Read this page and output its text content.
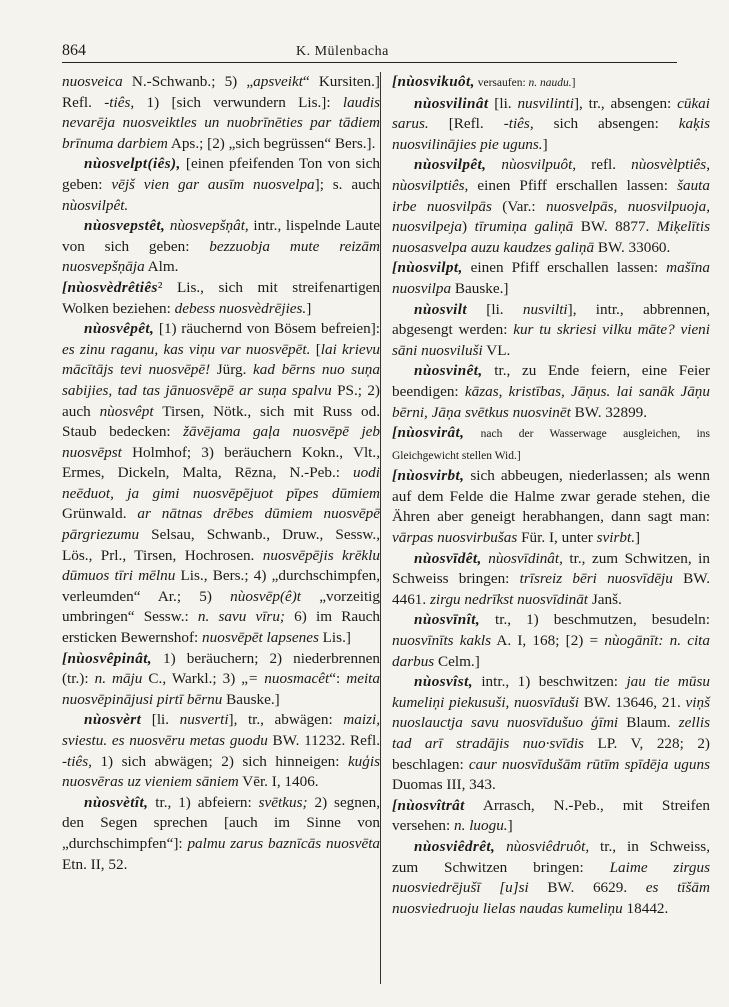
864	K. Mülenbacha

nuosveica N.-Schwanb.; 5) „apsveikt“ Kursiten.] Refl. -tiês, 1) [sich verwundern Lis.]: laudis nevarēja nuosveiktles un nuobrīnēties par tādiem brīnuma darbiem Aps.; [2) „sich begrüssen“ Bers.].

nùosvelpt(iês), [einen pfeifenden Ton von sich geben: vējš vien gar ausīm nuosvelpa]; s. auch nùosvilpêt.

nùosvepstêt, nùosvepšņât, intr., lispelnde Laute von sich geben: bezzuobja mute reizām nuosvepšņāja Alm.

[nùosvèdrêtiês² Lis., sich mit streifenartigen Wolken beziehen: debess nuosvèdrējies.]

nùosvêpêt, [1) räuchernd von Bösem befreien]: es zinu raganu, kas viņu var nuosvēpēt. [lai krievu mācītājs tevi nuosvēpē! Jürg. kad bērns nuo suņa sabijies, tad tas jānuosvēpē ar suņa spalvu PS.; 2) auch nùosvêpt Tirsen, Nötk., sich mit Russ od. Staub bedecken: žāvējama gaļa nuosvēpē jeb nuosvēpst Holmhof; 3) beräuchern Kokn., Vlt., Ermes, Dickeln, Malta, Rēzna, N.-Peb.: uodi neēduot, ja gimi nuosvēpējuot pīpes dūmiem Grünwald. ar nātnas drēbes dūmiem nuosvēpē pārgriezumu Selsau, Schwanb., Druw., Sessw., Lös., Prl., Tirsen, Hochrosen. nuosvēpējis krēklu dūmuos tīri mēlnu Lis., Bers.; 4) „durchschimpfen, verleumden“ Ar.; 5) nùosvēp(ê)t „vorzeitig umbringen“ Sessw.: n. savu vīru; 6) im Rauch ersticken Bewernshof: nuosvēpēt lapsenes Lis.]

[nùosvêpinât, 1) beräuchern; 2) niederbrennen (tr.): n. māju C., Warkl.; 3) „= nuosmacêt“: meita nuosvēpinājusi pirtī bērnu Bauske.]

nùosvèrt [li. nusverti], tr., abwägen: maizi, sviestu. es nuosvēru metas guodu BW. 11232. Refl. -tiês, 1) sich abwägen; 2) sich hinneigen: kuģis nuosvēras uz vieniem sāniem Vēr. I, 1406.

nùosvètît, tr., 1) abfeiern: svētkus; 2) segnen, den Segen sprechen [auch im Sinne von „durchschimpfen“]: palmu zarus baznīcās nuosvēta Etn. II, 52.

[nùosvikuôt, versaufen: n. naudu.]

nùosvilinât [li. nusvilinti], tr., absengen: cūkai sarus. [Refl. -tiês, sich absengen: kaķis nuosvilinājies pie uguns.]

nùosvilpêt, nùosvilpuôt, refl. nùosvèlptiês, nùosvilptiês, einen Pfiff erschallen lassen: šauta irbe nuosvilpās (Var.: nuosvelpās, nuosvilpuoja, nuosvilpeja) tīrumiņa galiņā BW. 8877. Miķelītis nuosasvelpa auzu kaudzes galiņā BW. 33060.

[nùosvilpt, einen Pfiff erschallen lassen: mašīna nuosvilpa Bauske.]

nùosvilt [li. nusvilti], intr., abbrennen, abgesengt werden: kur tu skriesi vilku māte? vieni sāni nuosviluši VL.

nùosvinêt, tr., zu Ende feiern, eine Feier beendigen: kāzas, kristības, Jāņus. lai sanāk Jāņu bērni, Jāņa svētkus nuosvinēt BW. 32899.

[nùosvirât, nach der Wasserwage ausgleichen, ins Gleichgewicht stellen Wid.]

[nùosvirbt, sich abbeugen, niederlassen; als wenn auf dem Felde die Halme zwar gerade stehen, die Ähren aber geneigt herabhangen, dann sagt man: vārpas nuosvirbušas Für. I, unter svirbt.]

nùosvīdêt, nùosvīdinât, tr., zum Schwitzen, in Schweiss bringen: trīsreiz bēri nuosvīdēju BW. 4461. zirgu nedrīkst nuosvīdināt Janš.

nùosvīnît, tr., 1) beschmutzen, besudeln: nuosvīnīts kakls A. I, 168; [2) = nùogānīt: n. cita darbus Celm.]

nùosvîst, intr., 1) beschwitzen: jau tie mūsu kumeliņi piekusuši, nuosvīduši BW. 13646, 21. viņš nuoslauctja savu nuosvīdušuo ģīmi Blaum. zellis tad arī stradājis nuo·svīdis LP. V, 228; 2) beschlagen: caur nuosvīdušām rūtīm spīdēja uguns Duomas III, 343.

[nùosvîtrât Arrasch, N.-Peb., mit Streifen versehen: n. luogu.]

nùosviêdrêt, nùosviêdruôt, tr., in Schweiss, zum Schwitzen bringen: Laime zirgus nuosviedrējušī [u]si BW. 6629. es tīšām nuosviedruoju lielas naudas kumeliņu 18442.
